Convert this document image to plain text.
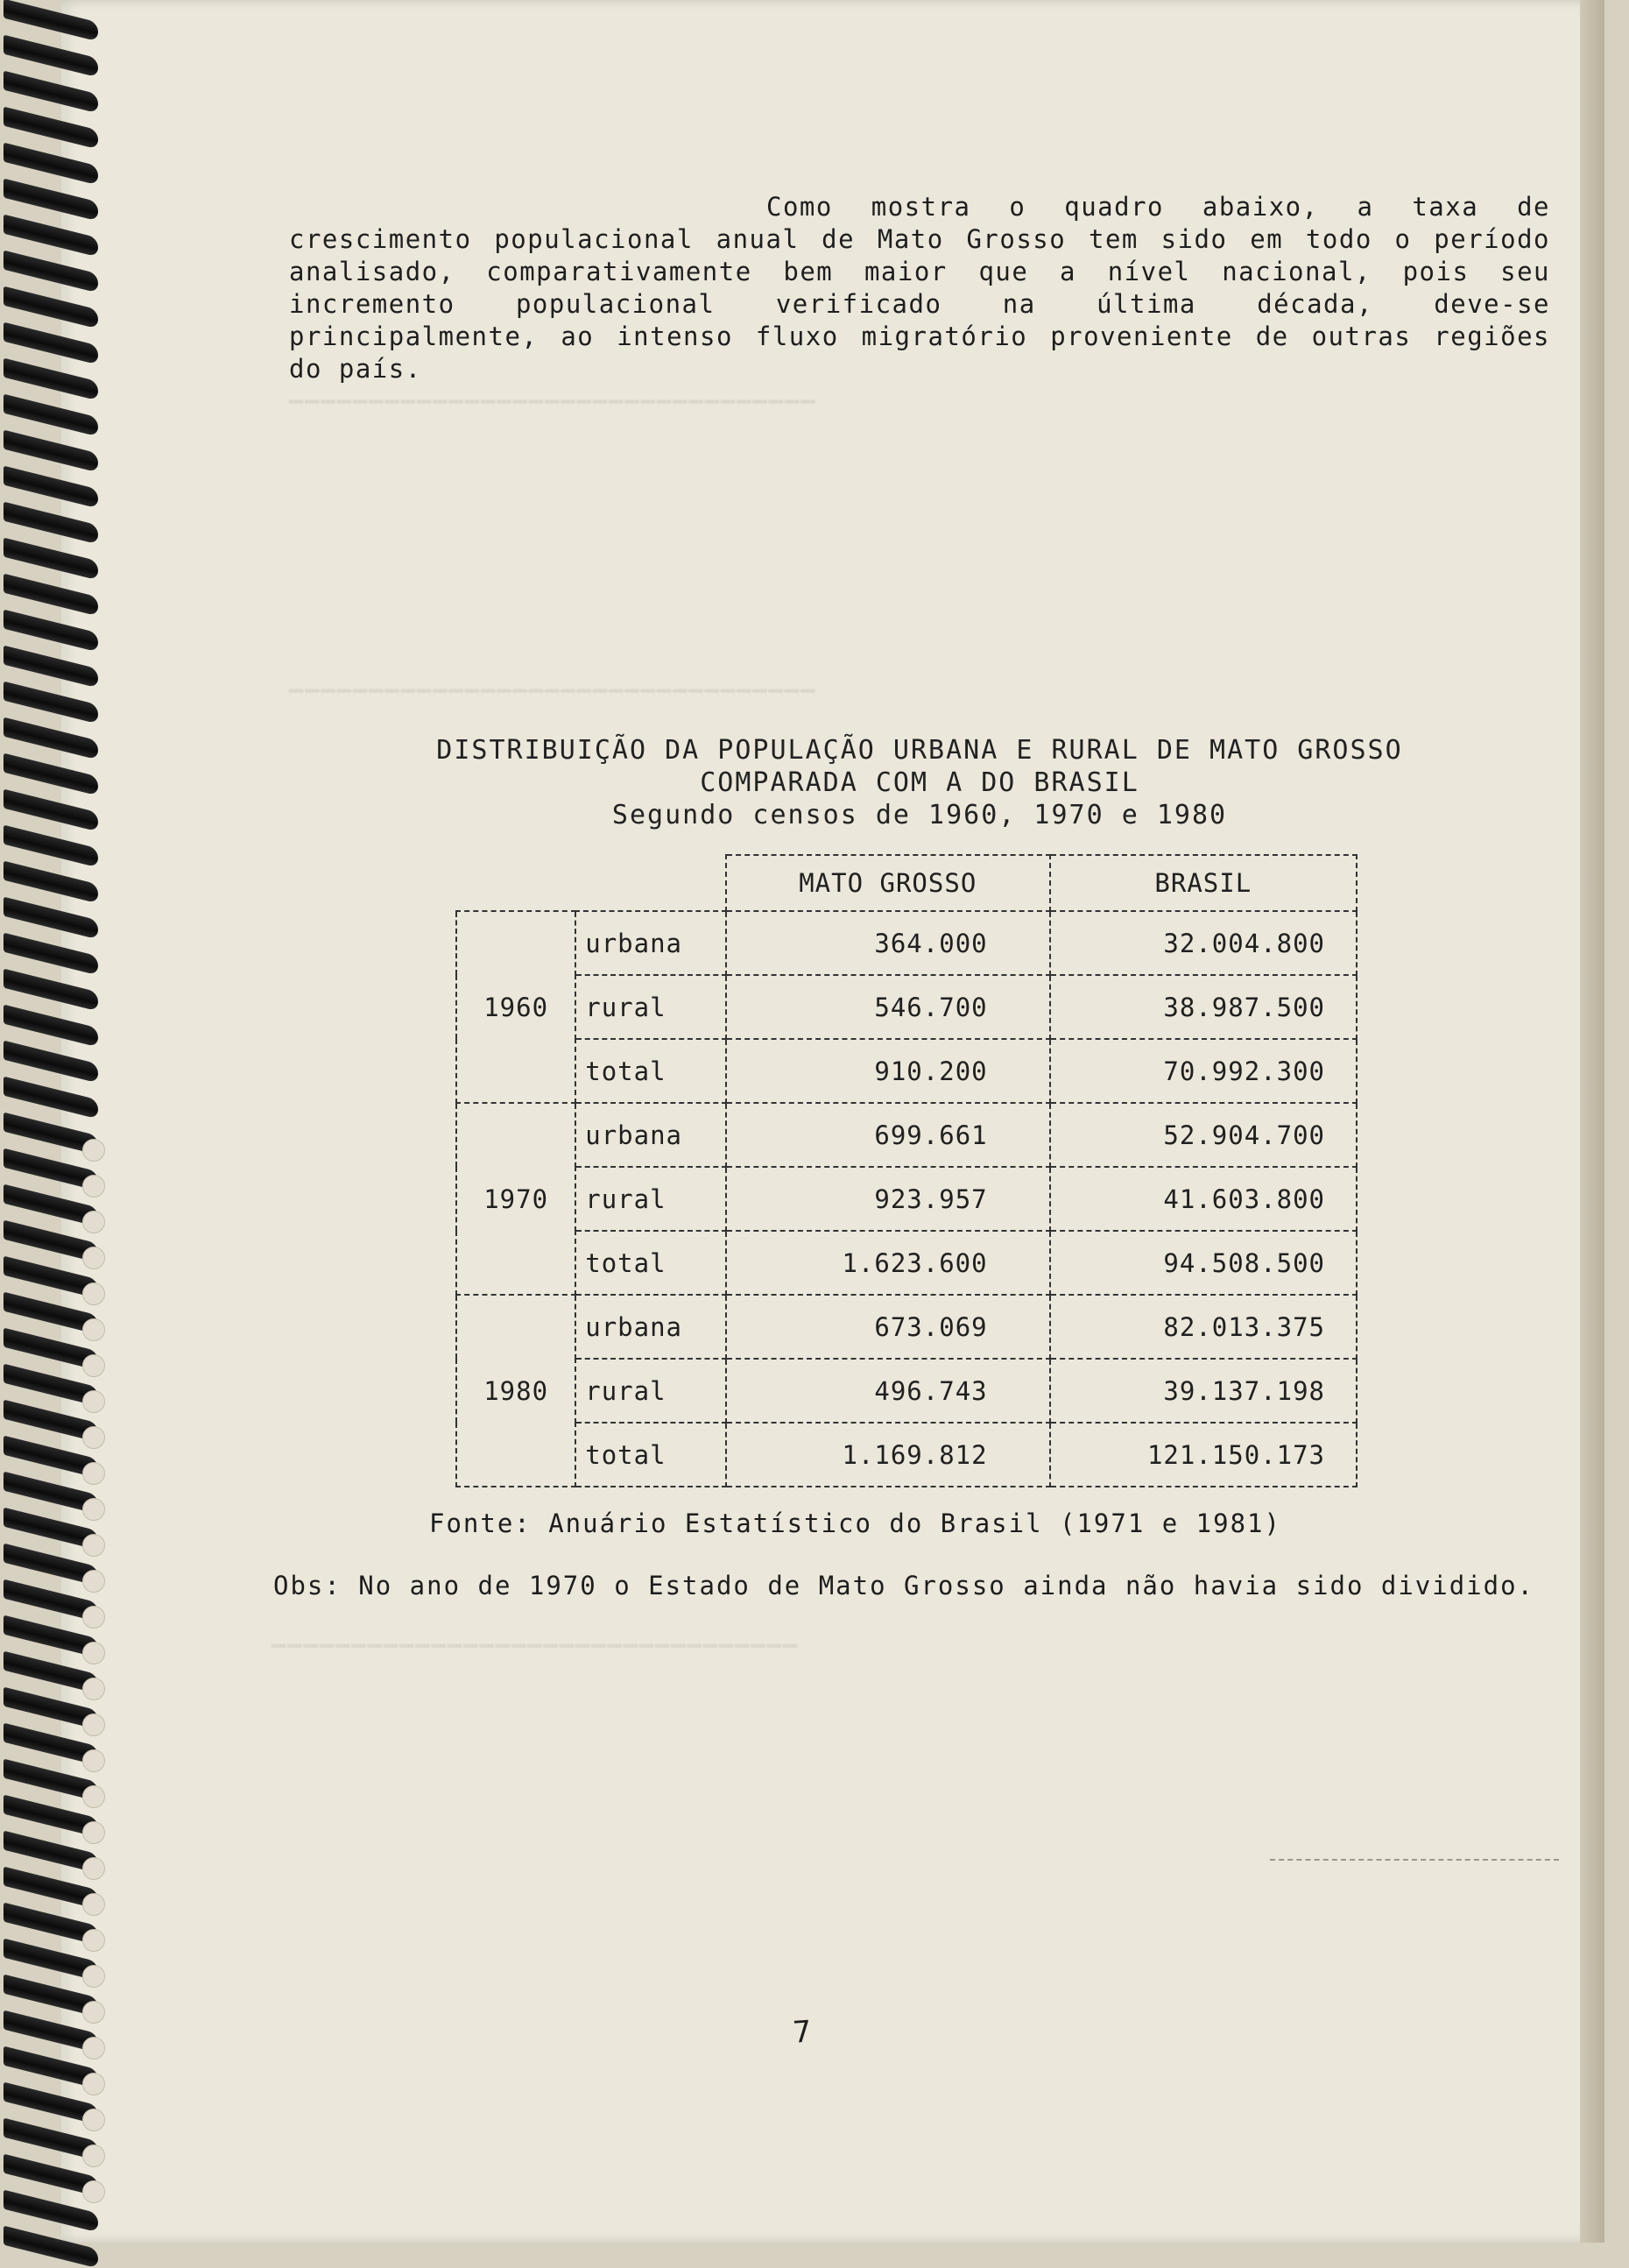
▁▁▁▁▁▁▁▁▁▁▁▁▁▁▁▁▁▁▁▁▁▁▁▁▁▁▁▁▁▁▁▁▁
▁▁▁▁▁▁▁▁▁▁▁▁▁▁▁▁▁▁▁▁▁▁▁▁▁▁▁▁▁▁▁▁▁
▁▁▁▁▁▁▁▁▁▁▁▁▁▁▁▁▁▁▁▁▁▁▁▁▁▁▁▁▁▁▁▁▁
Como mostra o quadro abaixo, a taxa de crescimento populacional anual de Mato Grosso tem sido em todo o período analisado, comparativamente bem maior que a nível nacional, pois seu incremento populacional verificado na última década, deve-se principalmente, ao intenso fluxo migratório proveniente de outras regiões do país.
DISTRIBUIÇÃO DA POPULAÇÃO URBANA E RURAL DE MATO GROSSO
COMPARADA COM A DO BRASIL
Segundo censos de 1960, 1970 e 1980
		MATO GROSSO	BRASIL
1960	urbana	364.000	32.004.800
	rural	546.700	38.987.500
	total	910.200	70.992.300
1970	urbana	699.661	52.904.700
	rural	923.957	41.603.800
	total	1.623.600	94.508.500
1980	urbana	673.069	82.013.375
	rural	496.743	39.137.198
	total	1.169.812	121.150.173
Fonte: Anuário Estatístico do Brasil (1971 e 1981)
Obs: No ano de 1970 o Estado de Mato Grosso ainda não havia sido dividido.
7
